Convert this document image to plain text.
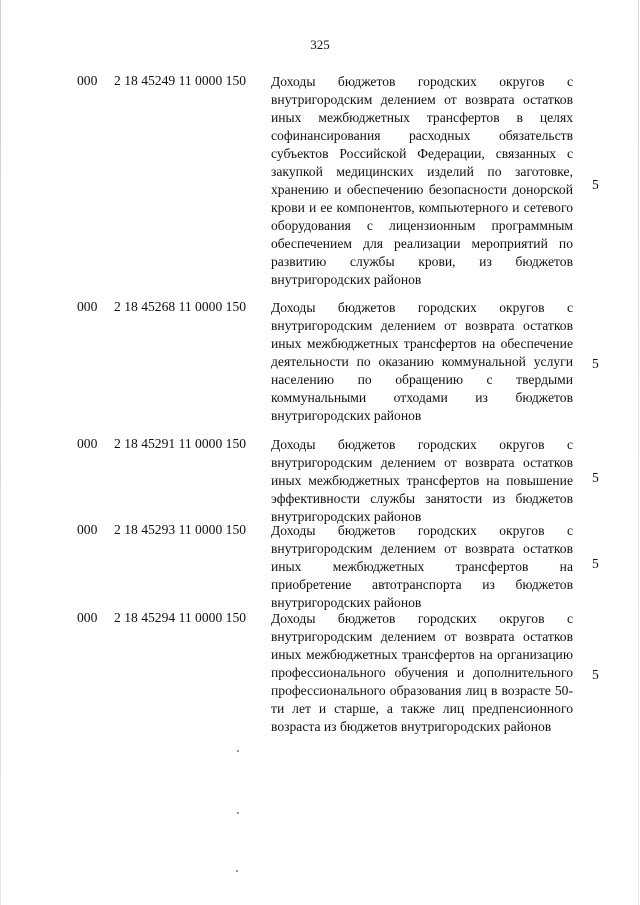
325
000 2 18 45249 11 0000 150 Доходы бюджетов городских округов с внутригородским делением от возврата остатков иных межбюджетных трансфертов в целях софинансирования расходных обязательств субъектов Российской Федерации, связанных с закупкой медицинских изделий по заготовке, хранению и обеспечению безопасности донорской крови и ее компонентов, компьютерного и сетевого оборудования с лицензионным программным обеспечением для реализации мероприятий по развитию службы крови, из бюджетов внутригородских районов
5
000 2 18 45268 11 0000 150 Доходы бюджетов городских округов с внутригородским делением от возврата остатков иных межбюджетных трансфертов на обеспечение деятельности по оказанию коммунальной услуги населению по обращению с твердыми коммунальными отходами из бюджетов внутригородских районов
5
000 2 18 45291 11 0000 150 Доходы бюджетов городских округов с внутригородским делением от возврата остатков иных межбюджетных трансфертов на повышение эффективности службы занятости из бюджетов внутригородских районов
5
000 2 18 45293 11 0000 150 Доходы бюджетов городских округов с внутригородским делением от возврата остатков иных межбюджетных трансфертов на приобретение автотранспорта из бюджетов внутригородских районов
5
000 2 18 45294 11 0000 150 Доходы бюджетов городских округов с внутригородским делением от возврата остатков иных межбюджетных трансфертов на организацию профессионального обучения и дополнительного профессионального образования лиц в возрасте 50-ти лет и старше, а также лиц предпенсионного возраста из бюджетов внутригородских районов
5
